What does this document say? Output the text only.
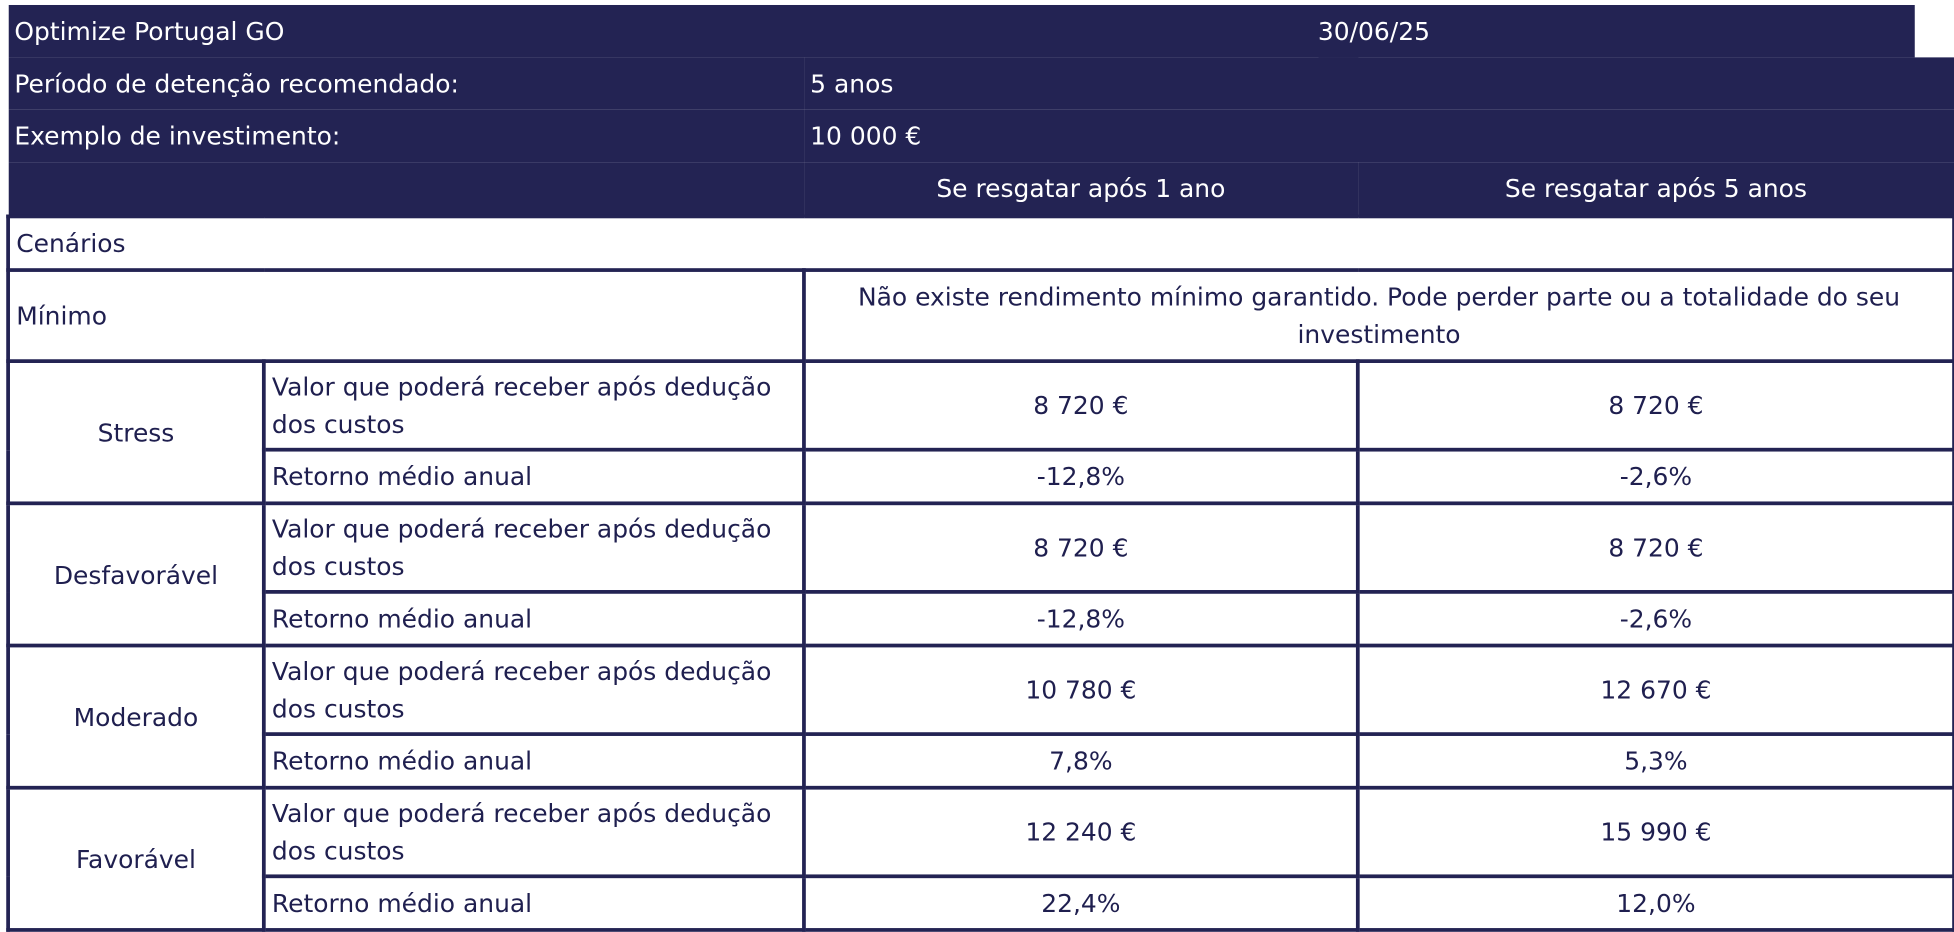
Optimize Portugal GO	30/06/25
Período de detenção recomendado:	5 anos
Exemplo de investimento:	10 000 €
	Se resgatar após 1 ano	Se resgatar após 5 anos
Cenários
Mínimo	Não existe rendimento mínimo garantido. Pode perder parte ou a totalidade do seu investimento
Stress	Valor que poderá receber após dedução dos custos	8 720 €	8 720 €
Retorno médio anual	-12,8%	-2,6%
Desfavorável	Valor que poderá receber após dedução dos custos	8 720 €	8 720 €
Retorno médio anual	-12,8%	-2,6%
Moderado	Valor que poderá receber após dedução dos custos	10 780 €	12 670 €
Retorno médio anual	7,8%	5,3%
Favorável	Valor que poderá receber após dedução dos custos	12 240 €	15 990 €
Retorno médio anual	22,4%	12,0%
